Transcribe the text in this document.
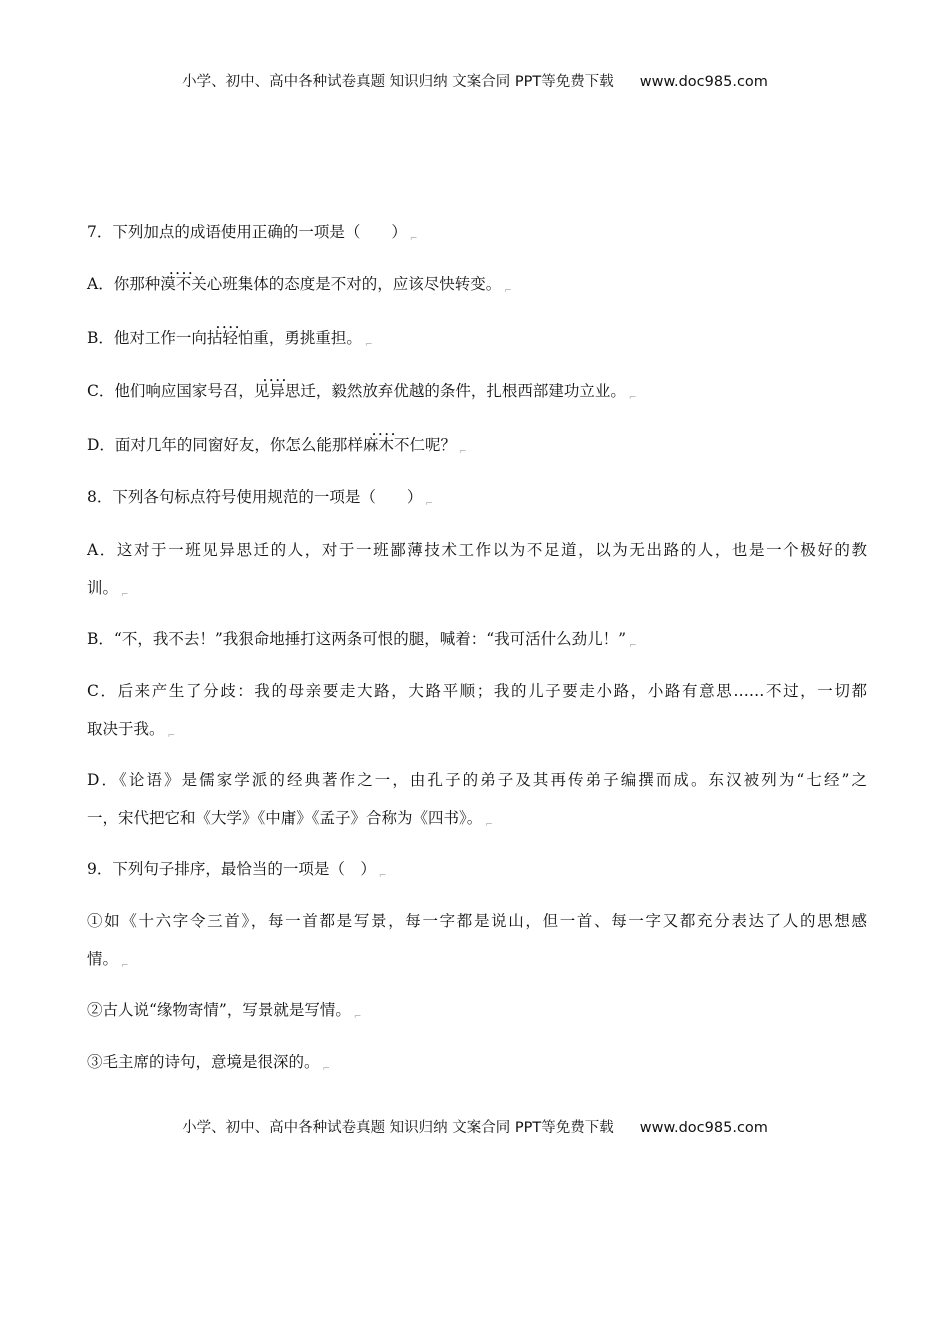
小学、初中、高中各种试卷真题 知识归纳 文案合同 PPT等免费下载 www.doc985.com
7．下列加点的成语使用正确的一项是（　　） $_⌐$
A．你那种• • • • 漠不关心班集体的态度是不对的，应该尽快转变。 $_⌐$
B．他对工作一向• • • • 拈轻怕重，勇挑重担。 $_⌐$
C．他们响应国家号召，• • • • 见异思迁，毅然放弃优越的条件，扎根西部建功立业。 $_⌐$
D．面对几年的同窗好友，你怎么能那样• • • • 麻木不仁呢？ $_⌐$
8．下列各句标点符号使用规范的一项是（　　） $_⌐$
A．这对于一班见异思迁的人，对于一班鄙薄技术工作以为不足道，以为无出路的人，也是一个极好的教
训。 $_⌐$
B．“不，我不去！”我狠命地捶打这两条可恨的腿，喊着：“我可活什么劲儿！” $_⌐$
C．后来产生了分歧：我的母亲要走大路，大路平顺；我的儿子要走小路，小路有意思……不过，一切都
取决于我。 $_⌐$
D．《论语》是儒家学派的经典著作之一，由孔子的弟子及其再传弟子编撰而成。东汉被列为“七经”之
一，宋代把它和《大学》《中庸》《孟子》合称为《四书》。 $_⌐$
9．下列句子排序，最恰当的一项是（　） $_⌐$
①如《十六字令三首》，每一首都是写景，每一字都是说山，但一首、每一字又都充分表达了人的思想感
情。 $_⌐$
②古人说“缘物寄情”，写景就是写情。 $_⌐$
③毛主席的诗句，意境是很深的。 $_⌐$
小学、初中、高中各种试卷真题 知识归纳 文案合同 PPT等免费下载 www.doc985.com
